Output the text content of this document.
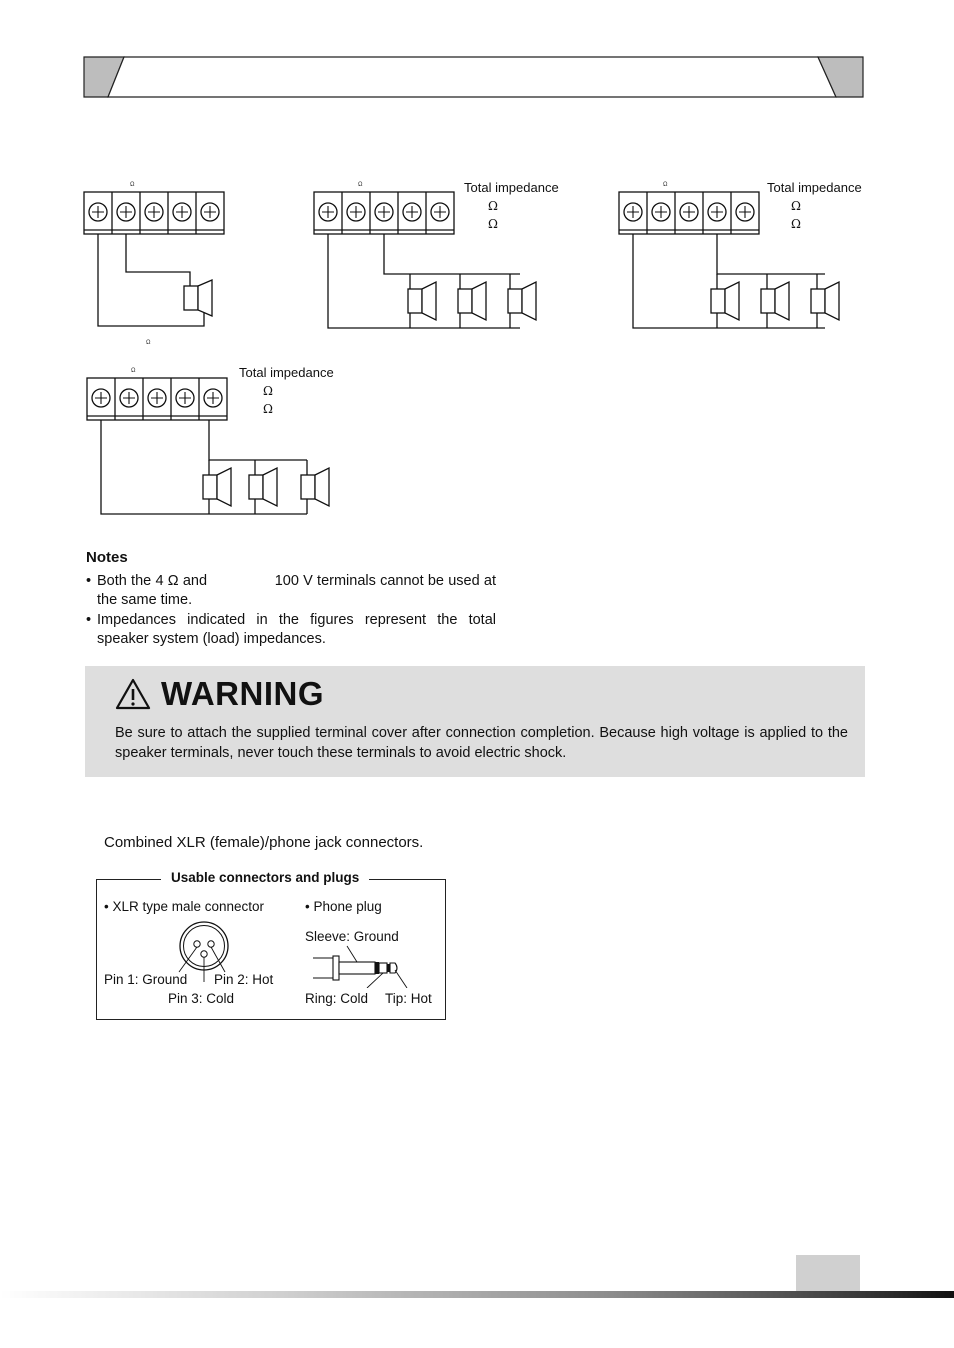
Ω
Ω
Ω	Total impedance
Ω
Ω
Ω	Total impedance
Ω
Ω
Ω	Total impedance
Ω
Ω
Notes
• Both the 4 Ω and                100 V terminals cannot be used at the same time.
• Impedances indicated in the figures represent the total speaker system (load) impedances.
WARNING
Be sure to attach the supplied terminal cover after connection completion. Because high voltage is applied to the speaker terminals, never touch these terminals to avoid electric shock.
Combined XLR (female)/phone jack connectors.
Usable connectors and plugs
• XLR type male connector
Pin 1: Ground Pin 2: Hot
Pin 3: Cold
• Phone plug
Sleeve: Ground
Ring: Cold Tip: Hot
